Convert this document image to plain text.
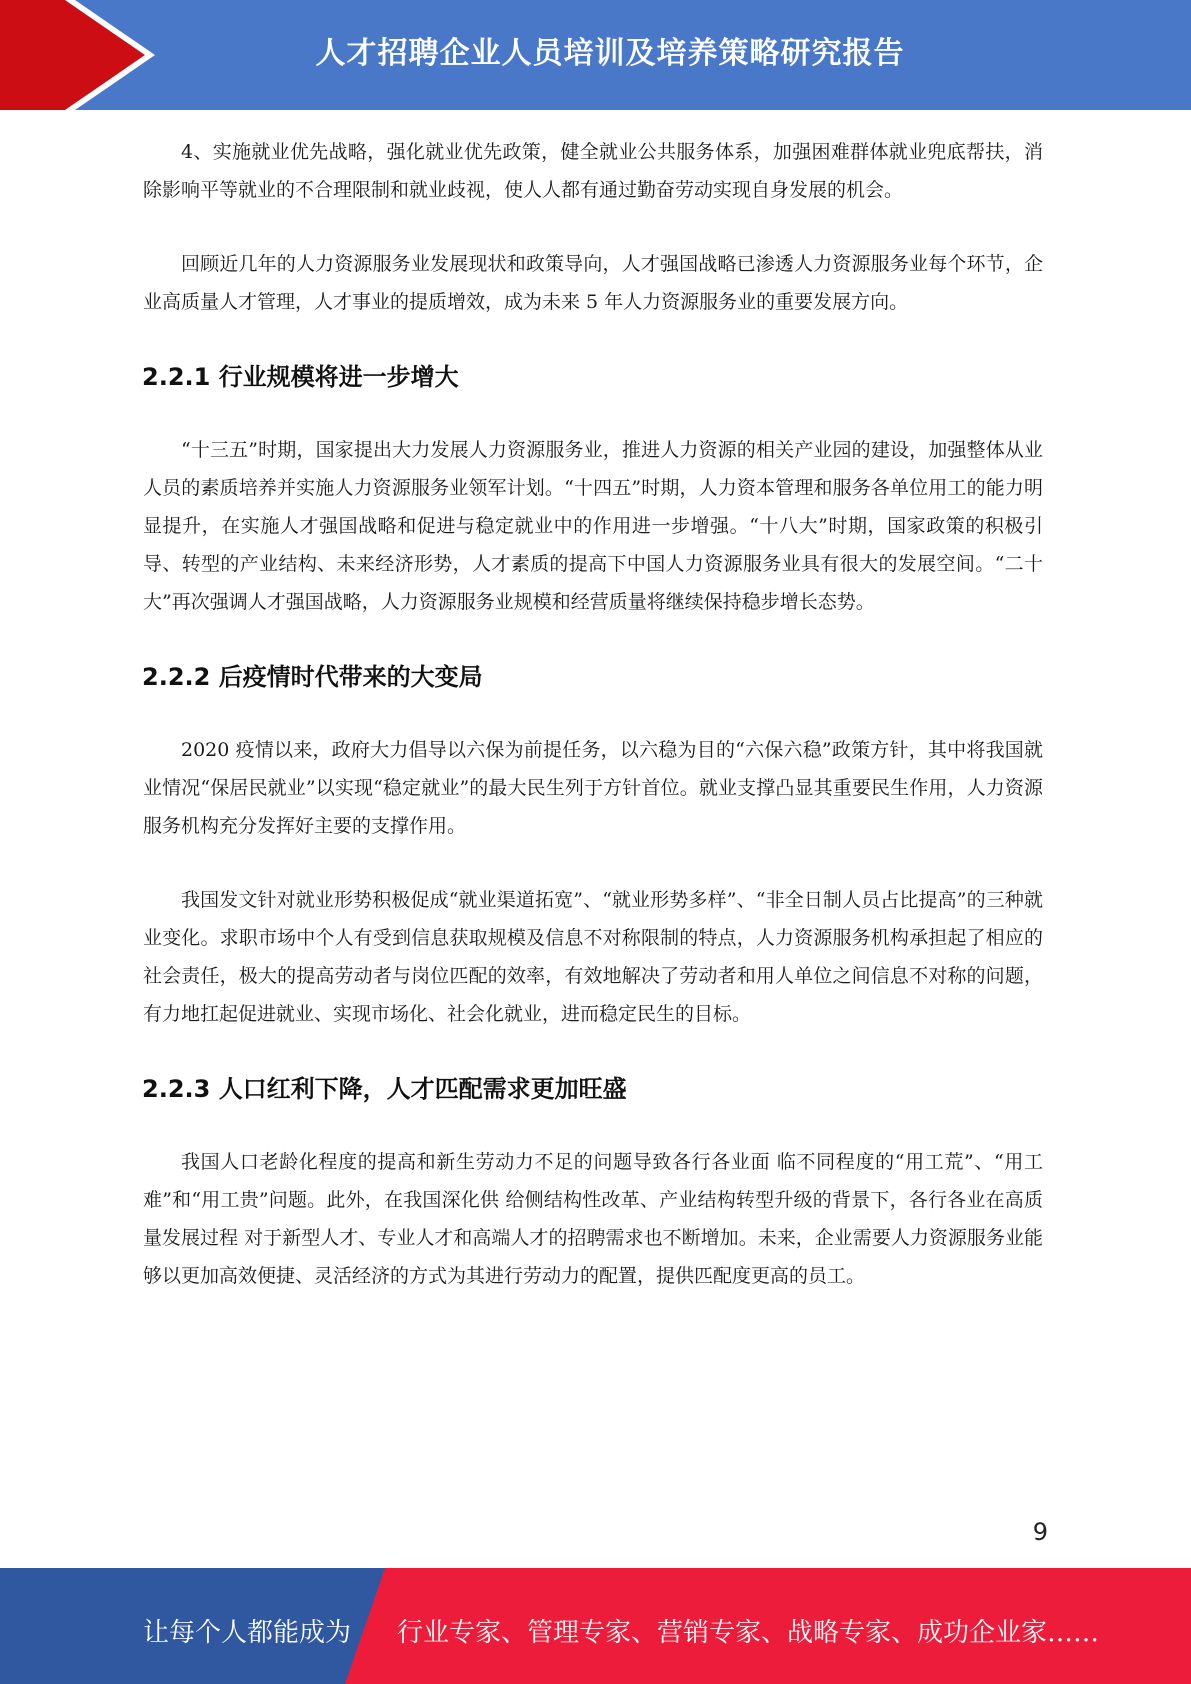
人才招聘企业人员培训及培养策略研究报告

4、实施就业优先战略，强化就业优先政策，健全就业公共服务体系，加强困难群体就业兜底帮扶，消除影响平等就业的不合理限制和就业歧视，使人人都有通过勤奋劳动实现自身发展的机会。

回顾近几年的人力资源服务业发展现状和政策导向，人才强国战略已渗透人力资源服务业每个环节，企业高质量人才管理，人才事业的提质增效，成为未来 5 年人力资源服务业的重要发展方向。

2.2.1 行业规模将进一步增大

“十三五”时期，国家提出大力发展人力资源服务业，推进人力资源的相关产业园的建设，加强整体从业人员的素质培养并实施人力资源服务业领军计划。“十四五”时期，人力资本管理和服务各单位用工的能力明显提升，在实施人才强国战略和促进与稳定就业中的作用进一步增强。“十八大”时期，国家政策的积极引导、转型的产业结构、未来经济形势，人才素质的提高下中国人力资源服务业具有很大的发展空间。“二十大”再次强调人才强国战略，人力资源服务业规模和经营质量将继续保持稳步增长态势。

2.2.2 后疫情时代带来的大变局

2020 疫情以来，政府大力倡导以六保为前提任务，以六稳为目的“六保六稳”政策方针，其中将我国就业情况“保居民就业”以实现“稳定就业”的最大民生列于方针首位。就业支撑凸显其重要民生作用，人力资源服务机构充分发挥好主要的支撑作用。

我国发文针对就业形势积极促成“就业渠道拓宽”、“就业形势多样”、“非全日制人员占比提高”的三种就业变化。求职市场中个人有受到信息获取规模及信息不对称限制的特点，人力资源服务机构承担起了相应的社会责任，极大的提高劳动者与岗位匹配的效率，有效地解决了劳动者和用人单位之间信息不对称的问题，有力地扛起促进就业、实现市场化、社会化就业，进而稳定民生的目标。

2.2.3 人口红利下降，人才匹配需求更加旺盛

我国人口老龄化程度的提高和新生劳动力不足的问题导致各行各业面 临不同程度的“用工荒”、“用工难”和“用工贵”问题。此外，在我国深化供 给侧结构性改革、产业结构转型升级的背景下，各行各业在高质量发展过程 对于新型人才、专业人才和高端人才的招聘需求也不断增加。未来，企业需要人力资源服务业能够以更加高效便捷、灵活经济的方式为其进行劳动力的配置，提供匹配度更高的员工。

9
让每个人都能成为 行业专家、管理专家、营销专家、战略专家、成功企业家……
